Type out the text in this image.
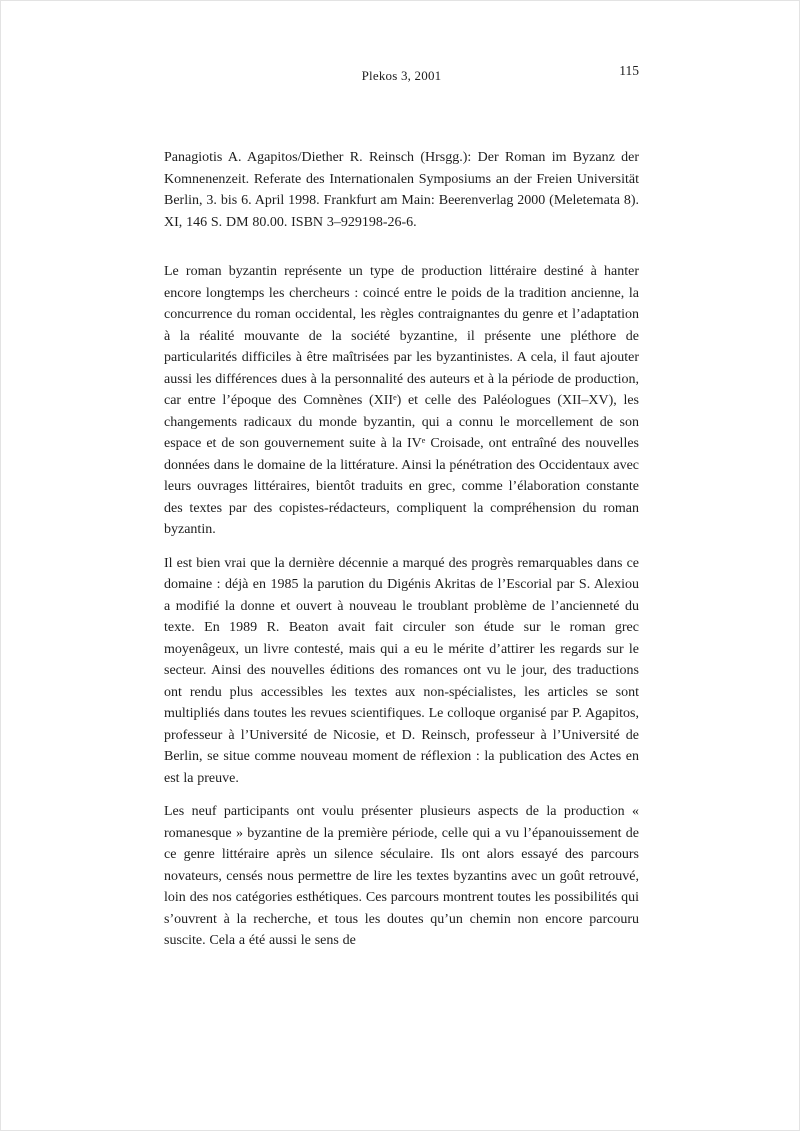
Plekos 3, 2001	115

Panagiotis A. Agapitos/Diether R. Reinsch (Hrsgg.): Der Roman im Byzanz der Komnenenzeit. Referate des Internationalen Symposiums an der Freien Universität Berlin, 3. bis 6. April 1998. Frankfurt am Main: Beerenverlag 2000 (Meletemata 8). XI, 146 S. DM 80.00. ISBN 3–929198-26-6.

Le roman byzantin représente un type de production littéraire destiné à hanter encore longtemps les chercheurs : coincé entre le poids de la tradition ancienne, la concurrence du roman occidental, les règles contraignantes du genre et l’adaptation à la réalité mouvante de la société byzantine, il présente une pléthore de particularités difficiles à être maîtrisées par les byzantinistes. A cela, il faut ajouter aussi les différences dues à la personnalité des auteurs et à la période de production, car entre l’époque des Comnènes (XIIᵉ) et celle des Paléologues (XII–XV), les changements radicaux du monde byzantin, qui a connu le morcellement de son espace et de son gouvernement suite à la IVᵉ Croisade, ont entraîné des nouvelles données dans le domaine de la littérature. Ainsi la pénétration des Occidentaux avec leurs ouvrages littéraires, bientôt traduits en grec, comme l’élaboration constante des textes par des copistes-rédacteurs, compliquent la compréhension du roman byzantin.

Il est bien vrai que la dernière décennie a marqué des progrès remarquables dans ce domaine : déjà en 1985 la parution du Digénis Akritas de l’Escorial par S. Alexiou a modifié la donne et ouvert à nouveau le troublant problème de l’ancienneté du texte. En 1989 R. Beaton avait fait circuler son étude sur le roman grec moyenâgeux, un livre contesté, mais qui a eu le mérite d’attirer les regards sur le secteur. Ainsi des nouvelles éditions des romances ont vu le jour, des traductions ont rendu plus accessibles les textes aux non-spécialistes, les articles se sont multipliés dans toutes les revues scientifiques. Le colloque organisé par P. Agapitos, professeur à l’Université de Nicosie, et D. Reinsch, professeur à l’Université de Berlin, se situe comme nouveau moment de réflexion : la publication des Actes en est la preuve.

Les neuf participants ont voulu présenter plusieurs aspects de la production « romanesque » byzantine de la première période, celle qui a vu l’épanouissement de ce genre littéraire après un silence séculaire. Ils ont alors essayé des parcours novateurs, censés nous permettre de lire les textes byzantins avec un goût retrouvé, loin des nos catégories esthétiques. Ces parcours montrent toutes les possibilités qui s’ouvrent à la recherche, et tous les doutes qu’un chemin non encore parcouru suscite. Cela a été aussi le sens de
